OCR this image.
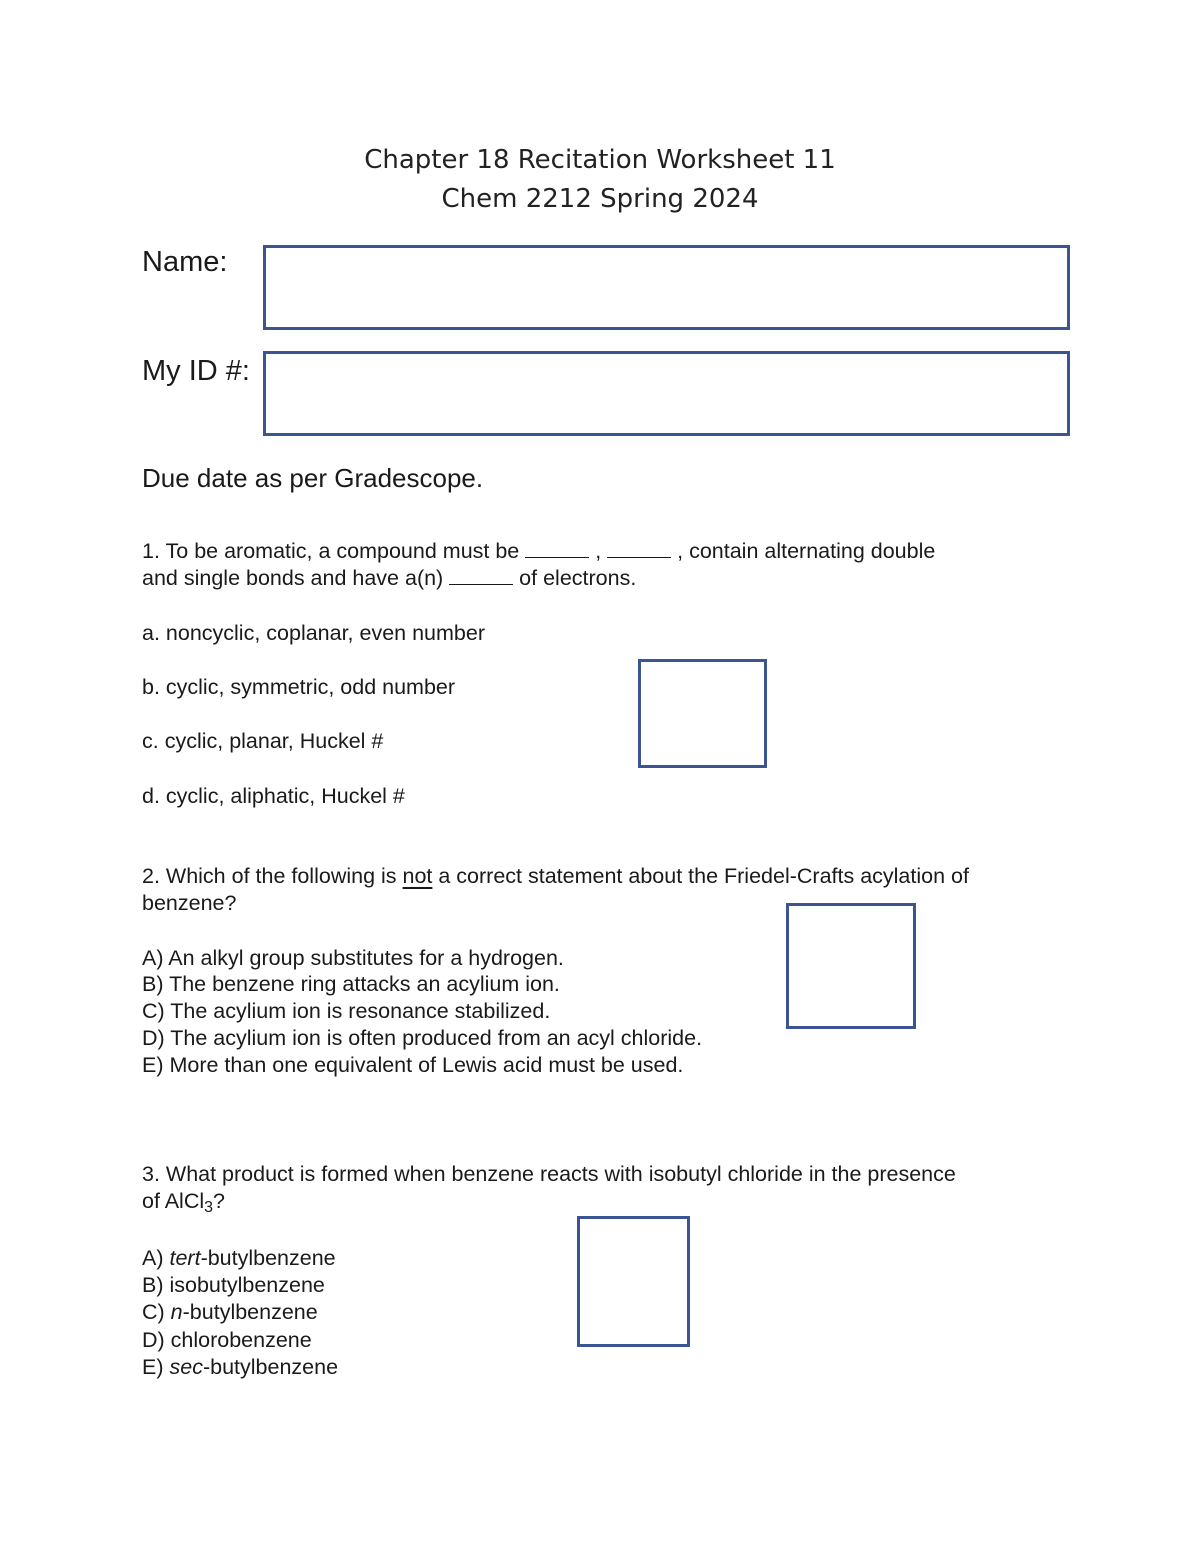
Chapter 18 Recitation Worksheet 11
Chem 2212 Spring 2024
Name:
My ID #:
Due date as per Gradescope.
1. To be aromatic, a compound must be	,	, contain alternating double
and single bonds and have a(n)	of electrons.
a. noncyclic, coplanar, even number
b. cyclic, symmetric, odd number
c. cyclic, planar, Huckel #
d. cyclic, aliphatic, Huckel #
2. Which of the following is not a correct statement about the Friedel-Crafts acylation of
benzene?
A) An alkyl group substitutes for a hydrogen.
B) The benzene ring attacks an acylium ion.
C) The acylium ion is resonance stabilized.
D) The acylium ion is often produced from an acyl chloride.
E) More than one equivalent of Lewis acid must be used.
3. What product is formed when benzene reacts with isobutyl chloride in the presence
of AlCl$_3$?
A) tert-butylbenzene
B) isobutylbenzene
C) n-butylbenzene
D) chlorobenzene
E) sec-butylbenzene
